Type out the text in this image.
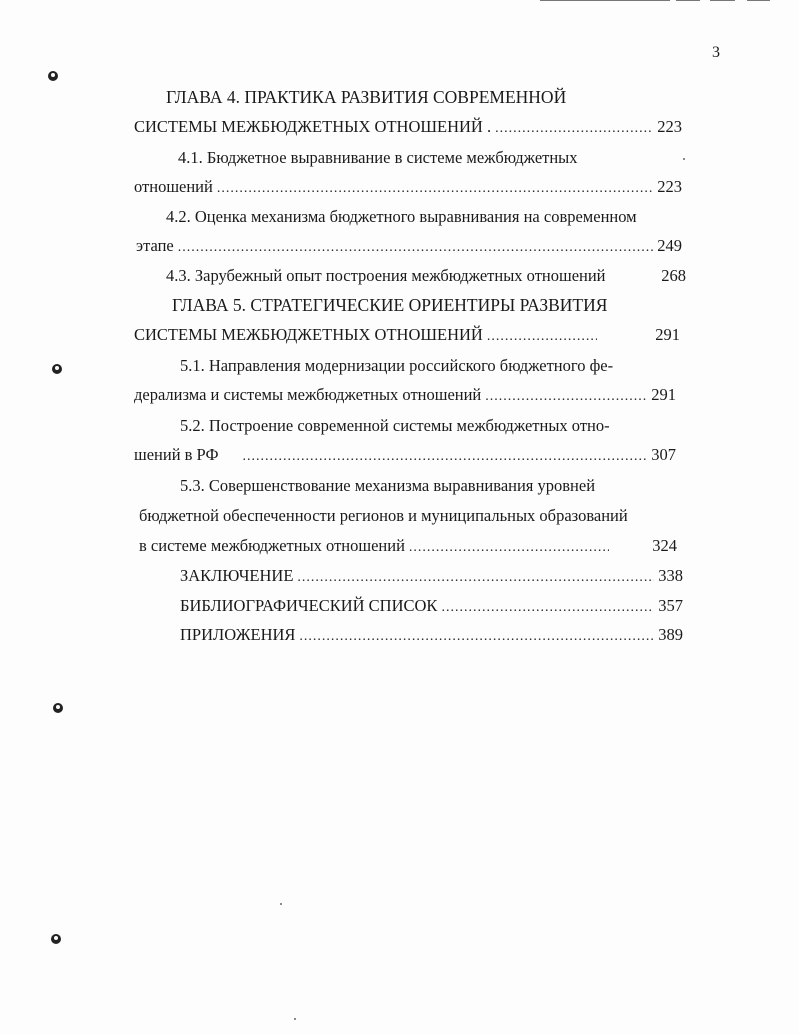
3
ГЛАВА 4. ПРАКТИКА РАЗВИТИЯ СОВРЕМЕННОЙ
СИСТЕМЫ МЕЖБЮДЖЕТНЫХ ОТНОШЕНИЙ . .....	223
4.1. Бюджетное выравнивание в системе межбюджетных
отношений .....	223
4.2. Оценка механизма бюджетного выравнивания на современном
этапе .....	249
4.3. Зарубежный опыт построения межбюджетных отношений	268
ГЛАВА 5. СТРАТЕГИЧЕСКИЕ ОРИЕНТИРЫ РАЗВИТИЯ
СИСТЕМЫ МЕЖБЮДЖЕТНЫХ ОТНОШЕНИЙ .....	291
5.1. Направления модернизации российского бюджетного фе-
дерализма и системы межбюджетных отношений .....	291
5.2. Построение современной системы межбюджетных отно-
шений в РФ .....	307
5.3. Совершенствование механизма выравнивания уровней
бюджетной обеспеченности регионов и муниципальных образований
в системе межбюджетных отношений .....	324
ЗАКЛЮЧЕНИЕ .....	338
БИБЛИОГРАФИЧЕСКИЙ СПИСОК .....	357
ПРИЛОЖЕНИЯ .....	389
